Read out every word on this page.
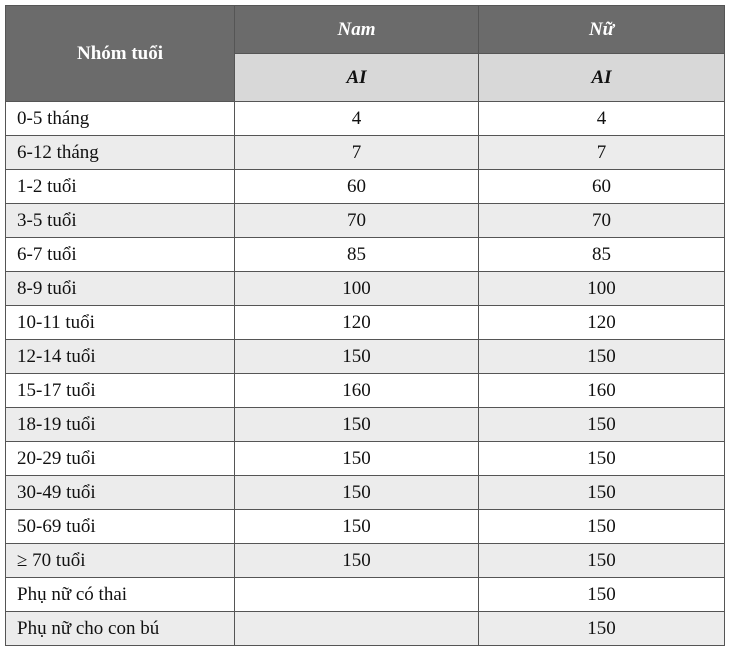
Nhóm tuổi	Nam	Nữ
	AI	AI
0-5 tháng	4	4
6-12 tháng	7	7
1-2 tuổi	60	60
3-5 tuổi	70	70
6-7 tuổi	85	85
8-9 tuổi	100	100
10-11 tuổi	120	120
12-14 tuổi	150	150
15-17 tuổi	160	160
18-19 tuổi	150	150
20-29 tuổi	150	150
30-49 tuổi	150	150
50-69 tuổi	150	150
≥ 70 tuổi	150	150
Phụ nữ có thai		150
Phụ nữ cho con bú		150
